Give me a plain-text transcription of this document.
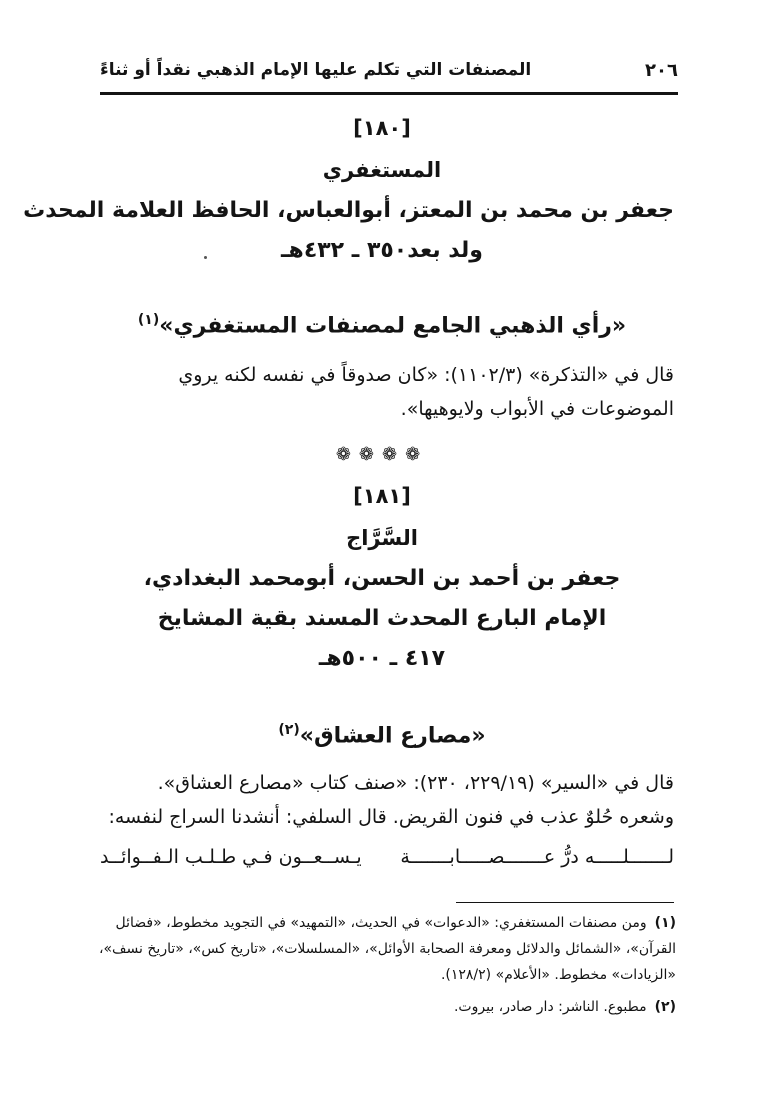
٢٠٦
المصنفات التي تكلم عليها الإمام الذهبي نقداً أو ثناءً
[١٨٠]
المستغفري
جعفر بن محمد بن المعتز، أبوالعباس، الحافظ العلامة المحدث
ولد بعد٣٥٠ ـ ٤٣٢هـ
«رأي الذهبي الجامع لمصنفات المستغفري»$^{(١)}$
قال في «التذكرة» (١١٠٢/٣): «كان صدوقاً في نفسه لكنه يروي
الموضوعات في الأبواب ولايوهيها».
❁❁❁❁
[١٨١]
السَّرَّاج
جعفر بن أحمد بن الحسن، أبومحمد البغدادي،
الإمام البارع المحدث المسند بقية المشايخ
٤١٧ ـ ٥٠٠هـ
«مصارع العشاق»$^{(٢)}$
قال في «السير» (٢٢٩/١٩، ٢٣٠): «صنف كتاب «مصارع العشاق».
وشعره حُلوٌ عذب في فنون القريض. قال السلفي: أنشدنا السراج لنفسه:
لـــــــلـــــه درُّ عـــــــصـــــابـــــــة
يـســعــون فـي طـلـب الـفــوائــد
(١)ومن مصنفات المستغفري: «الدعوات» في الحديث، «التمهيد» في التجويد مخطوط، «فضائل القرآن»، «الشمائل والدلائل ومعرفة الصحابة الأوائل»، «المسلسلات»، «تاريخ كس»، «تاريخ نسف»، «الزيادات» مخطوط. «الأعلام» (١٢٨/٢).
(٢)مطبوع. الناشر: دار صادر، بيروت.
